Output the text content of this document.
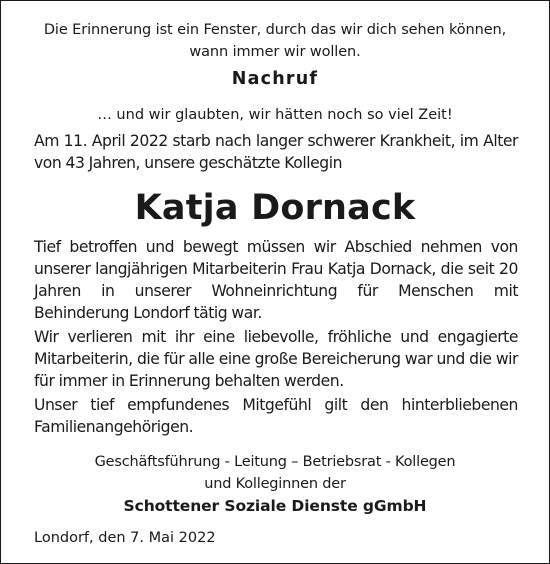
Die Erinnerung ist ein Fenster, durch das wir dich sehen können,
wann immer wir wollen.
Nachruf
… und wir glaubten, wir hätten noch so viel Zeit!
Am 11. April 2022 starb nach langer schwerer Krankheit, im Alter von 43 Jahren, unsere geschätzte Kollegin
Katja Dornack
Tief betroffen und bewegt müssen wir Abschied nehmen von unserer langjährigen Mitarbeiterin Frau Katja Dornack, die seit 20 Jahren in unserer Wohneinrichtung für Menschen mit Behinderung Londorf tätig war.
Wir verlieren mit ihr eine liebevolle, fröhliche und engagierte Mitarbeiterin, die für alle eine große Bereicherung war und die wir für immer in Erinnerung behalten werden.
Unser tief empfundenes Mitgefühl gilt den hinterbliebenen Familienangehörigen.
Geschäftsführung - Leitung – Betriebsrat - Kollegen
und Kolleginnen der
Schottener Soziale Dienste gGmbH
Londorf, den 7. Mai 2022
